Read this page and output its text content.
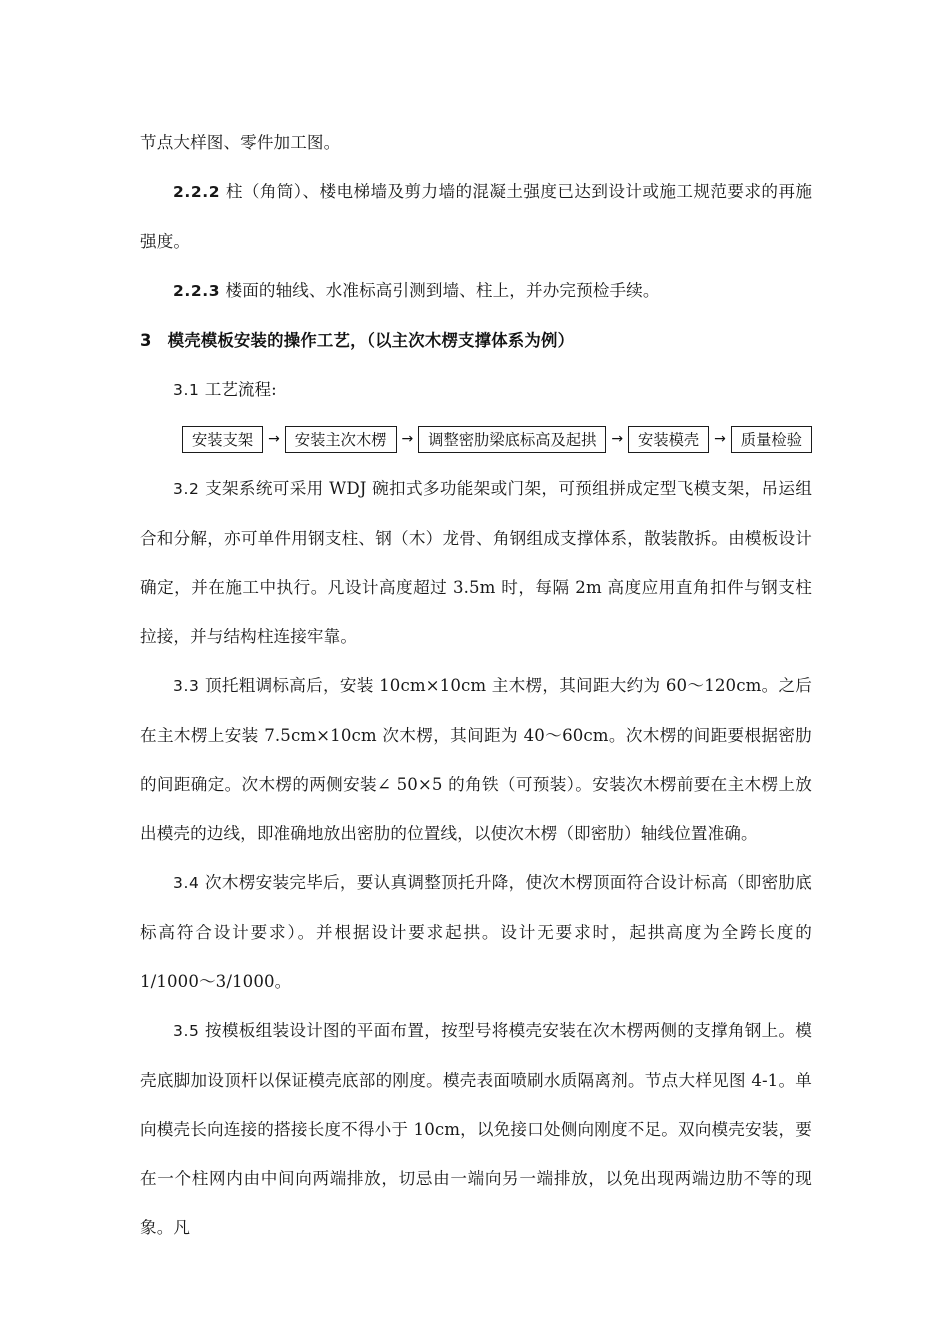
节点大样图、零件加工图。

2.2.2 柱（角筒）、楼电梯墙及剪力墙的混凝土强度已达到设计或施工规范要求的再施强度。

2.2.3 楼面的轴线、水准标高引测到墙、柱上，并办完预检手续。

3 模壳模板安装的操作工艺，（以主次木楞支撑体系为例）

3.1 工艺流程:

安装支架	→ 安装主次木楞	→ 调整密肋梁底标高及起拱	→ 安装模壳	→ 质量检验

3.2 支架系统可采用 WDJ 碗扣式多功能架或门架，可预组拼成定型飞模支架，吊运组合和分解，亦可单件用钢支柱、钢（木）龙骨、角钢组成支撑体系，散装散拆。由模板设计确定，并在施工中执行。凡设计高度超过 3.5m 时，每隔 2m 高度应用直角扣件与钢支柱拉接，并与结构柱连接牢靠。

3.3 顶托粗调标高后，安装 10cm×10cm 主木楞，其间距大约为 60～120cm。之后在主木楞上安装 7.5cm×10cm 次木楞，其间距为 40～60cm。次木楞的间距要根据密肋的间距确定。次木楞的两侧安装∠ 50×5 的角铁（可预装）。安装次木楞前要在主木楞上放出模壳的边线，即准确地放出密肋的位置线，以使次木楞（即密肋）轴线位置准确。

3.4 次木楞安装完毕后，要认真调整顶托升降，使次木楞顶面符合设计标高（即密肋底标高符合设计要求）。并根据设计要求起拱。设计无要求时，起拱高度为全跨长度的 1/1000～3/1000。

3.5 按模板组装设计图的平面布置，按型号将模壳安装在次木楞两侧的支撑角钢上。模壳底脚加设顶杆以保证模壳底部的刚度。模壳表面喷刷水质隔离剂。节点大样见图 4-1。单向模壳长向连接的搭接长度不得小于 10cm，以免接口处侧向刚度不足。双向模壳安装，要在一个柱网内由中间向两端排放，切忌由一端向另一端排放，以免出现两端边肋不等的现象。凡
